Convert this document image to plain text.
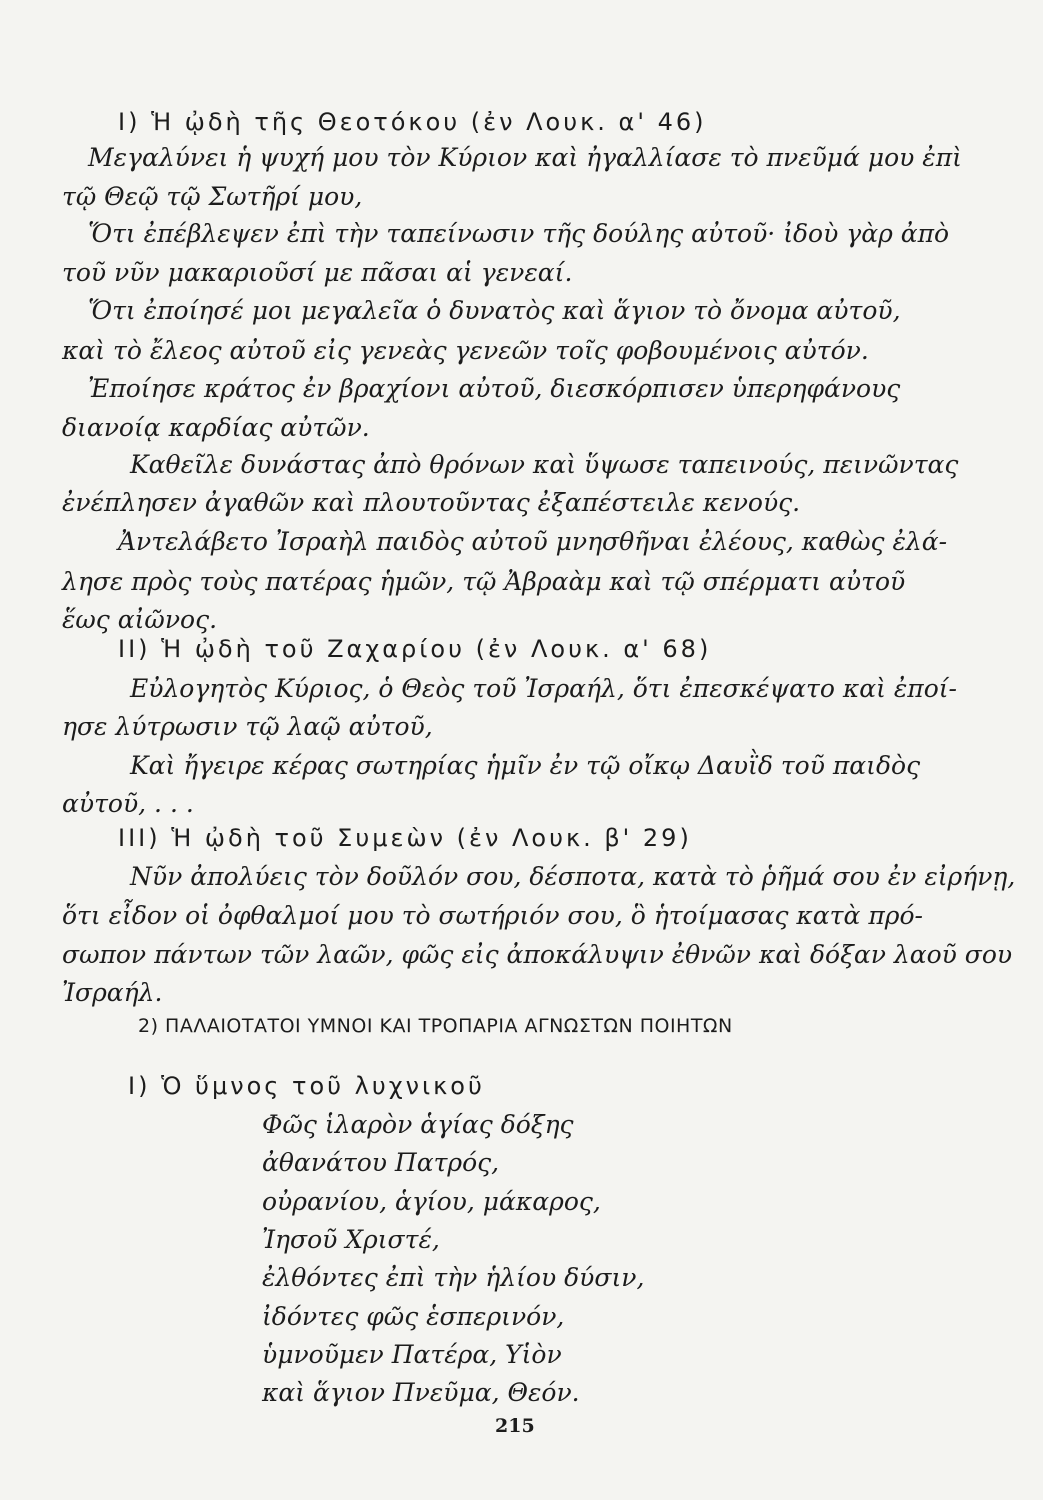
I) Ἡ ᾠδὴ τῆς Θεοτόκου (ἐν Λουκ. α' 46)
Μεγαλύνει ἡ ψυχή μου τὸν Κύριον καὶ ἠγαλλίασε τὸ πνεῦμά μου ἐπὶ
τῷ Θεῷ τῷ Σωτῆρί μου,
Ὅτι ἐπέβλεψεν ἐπὶ τὴν ταπείνωσιν τῆς δούλης αὐτοῦ· ἰδοὺ γὰρ ἀπὸ
τοῦ νῦν μακαριοῦσί με πᾶσαι αἱ γενεαί.
Ὅτι ἐποίησέ μοι μεγαλεῖα ὁ δυνατὸς καὶ ἅγιον τὸ ὄνομα αὐτοῦ,
καὶ τὸ ἔλεος αὐτοῦ εἰς γενεὰς γενεῶν τοῖς φοβουμένοις αὐτόν.
Ἐποίησε κράτος ἐν βραχίονι αὐτοῦ, διεσκόρπισεν ὑπερηφάνους
διανοίᾳ καρδίας αὐτῶν.
Καθεῖλε δυνάστας ἀπὸ θρόνων καὶ ὕψωσε ταπεινούς, πεινῶντας
ἐνέπλησεν ἀγαθῶν καὶ πλουτοῦντας ἐξαπέστειλε κενούς.
Ἀντελάβετο Ἰσραὴλ παιδὸς αὐτοῦ μνησθῆναι ἐλέους, καθὼς ἐλά-
λησε πρὸς τοὺς πατέρας ἡμῶν, τῷ Ἀβραὰμ καὶ τῷ σπέρματι αὐτοῦ
ἕως αἰῶνος.
II) Ἡ ᾠδὴ τοῦ Ζαχαρίου (ἐν Λουκ. α' 68)
Εὐλογητὸς Κύριος, ὁ Θεὸς τοῦ Ἰσραήλ, ὅτι ἐπεσκέψατο καὶ ἐποί-
ησε λύτρωσιν τῷ λαῷ αὐτοῦ,
Καὶ ἤγειρε κέρας σωτηρίας ἡμῖν ἐν τῷ οἴκῳ Δαυῒδ τοῦ παιδὸς
αὐτοῦ, . . .
III) Ἡ ᾠδὴ τοῦ Συμεὼν (ἐν Λουκ. β' 29)
Νῦν ἀπολύεις τὸν δοῦλόν σου, δέσποτα, κατὰ τὸ ῥῆμά σου ἐν εἰρήνῃ,
ὅτι εἶδον οἱ ὀφθαλμοί μου τὸ σωτήριόν σου, ὃ ἡτοίμασας κατὰ πρό-
σωπον πάντων τῶν λαῶν, φῶς εἰς ἀποκάλυψιν ἐθνῶν καὶ δόξαν λαοῦ σου
Ἰσραήλ.
2) ΠΑΛΑΙΟΤΑΤΟΙ ΥΜΝΟΙ ΚΑΙ ΤΡΟΠΑΡΙΑ ΑΓΝΩΣΤΩΝ ΠΟΙΗΤΩΝ
I) Ὁ ὕμνος τοῦ λυχνικοῦ
Φῶς ἱλαρὸν ἁγίας δόξης
ἀθανάτου Πατρός,
οὐρανίου, ἁγίου, μάκαρος,
Ἰησοῦ Χριστέ,
ἐλθόντες ἐπὶ τὴν ἡλίου δύσιν,
ἰδόντες φῶς ἑσπερινόν,
ὑμνοῦμεν Πατέρα, Υἱὸν
καὶ ἅγιον Πνεῦμα, Θεόν.
215
